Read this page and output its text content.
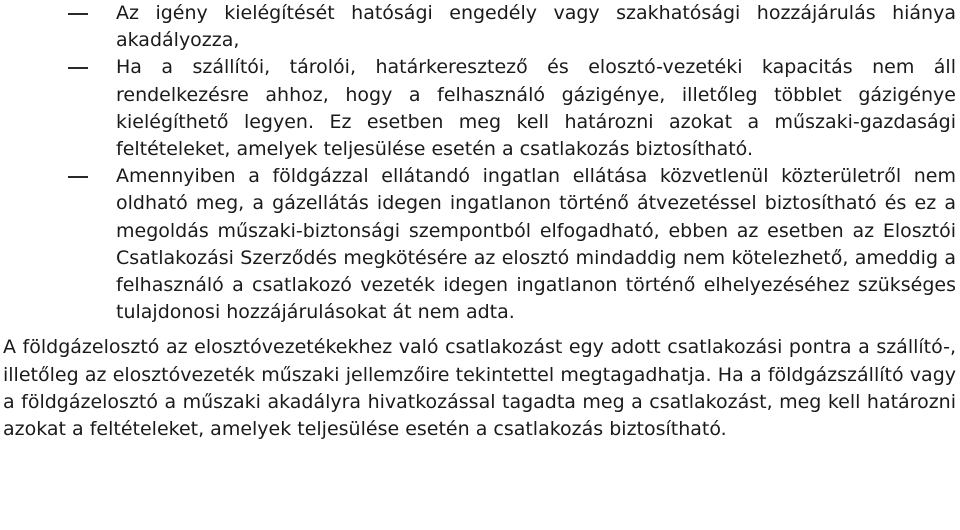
Az igény kielégítését hatósági engedély vagy szakhatósági hozzájárulás hiánya akadályozza,
Ha a szállítói, tárolói, határkeresztező és elosztó-vezetéki kapacitás nem áll rendelkezésre ahhoz, hogy a felhasználó gázigénye, illetőleg többlet gázigénye kielégíthető legyen. Ez esetben meg kell határozni azokat a műszaki-gazdasági feltételeket, amelyek teljesülése esetén a csatlakozás biztosítható.
Amennyiben a földgázzal ellátandó ingatlan ellátása közvetlenül közterületről nem oldható meg, a gázellátás idegen ingatlanon történő átvezetéssel biztosítható és ez a megoldás műszaki-biztonsági szempontból elfogadható, ebben az esetben az Elosztói Csatlakozási Szerződés megkötésére az elosztó mindaddig nem kötelezhető, ameddig a felhasználó a csatlakozó vezeték idegen ingatlanon történő elhelyezéséhez szükséges tulajdonosi hozzájárulásokat át nem adta.

A földgázelosztó az elosztóvezetékekhez való csatlakozást egy adott csatlakozási pontra a szállító-, illetőleg az elosztóvezeték műszaki jellemzőire tekintettel megtagadhatja. Ha a földgázszállító vagy a földgázelosztó a műszaki akadályra hivatkozással tagadta meg a csatlakozást, meg kell határozni azokat a feltételeket, amelyek teljesülése esetén a csatlakozás biztosítható.
